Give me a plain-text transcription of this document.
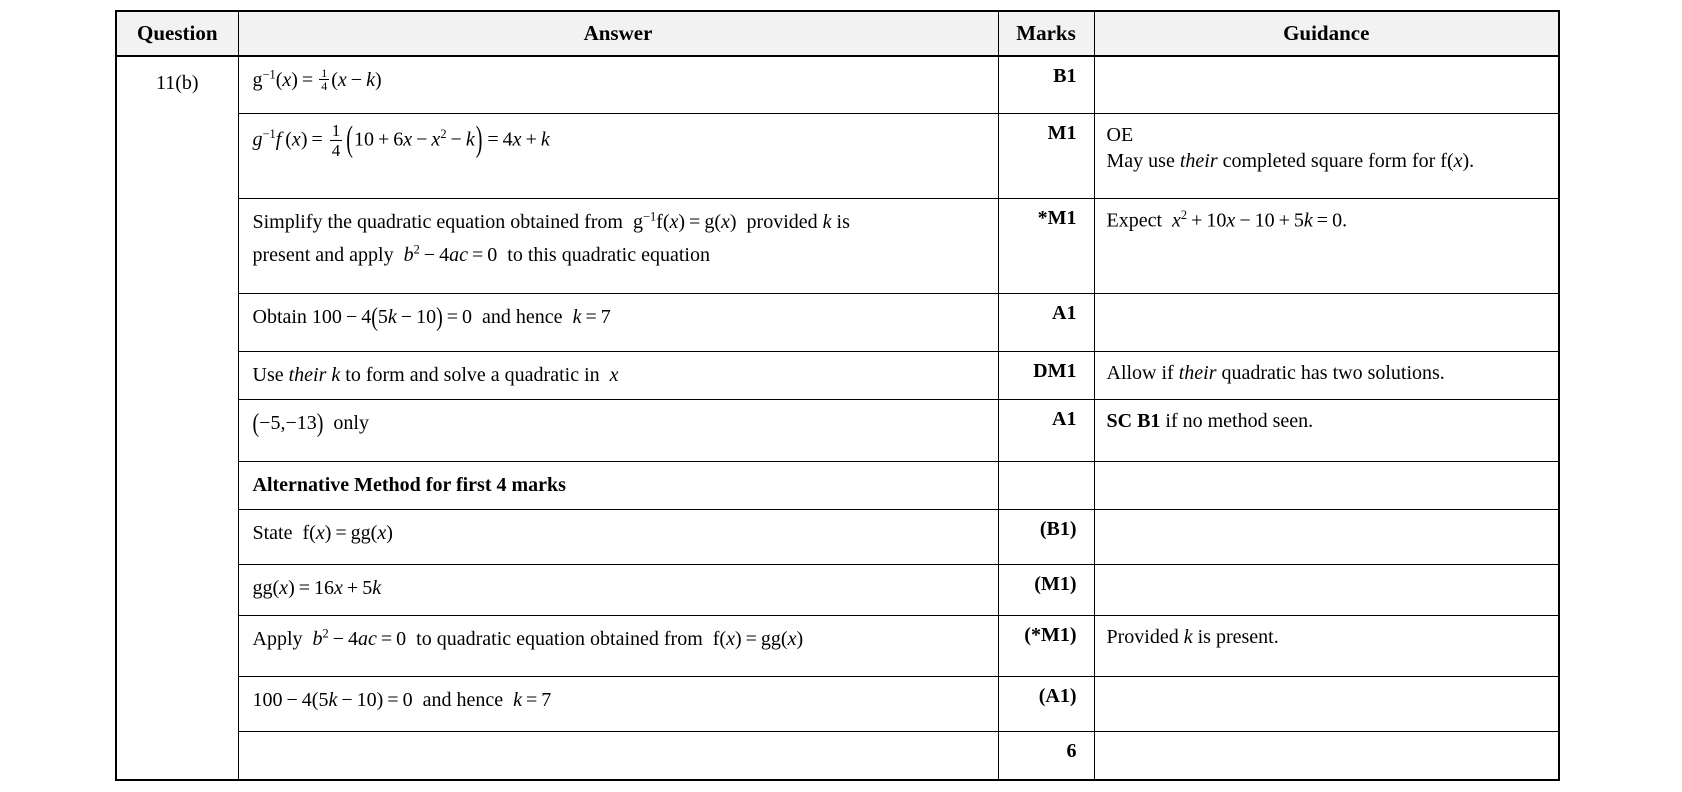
Question	Answer	Marks	Guidance
11(b)	$g^{-1}(x) = \frac{1}{4} (x - k)$	B1	
	$g^{-1}f$ $(x) = \frac{1}{4} (10 + 6x - x^2 - k) = 4x + k$	M1	OE
May use their completed square form for f(x).
	Simplify the quadratic equation obtained from  $g^{-1}f(x) = g(x)$  provided k is
present and apply  $b^2 - 4ac = 0$  to this quadratic equation	*M1	Expect  $x^2 + 10x - 10 + 5k = 0$.
	Obtain 100 − 4(5k − 10) = 0  and hence  k = 7	A1	
	Use their k to form and solve a quadratic in  x	DM1	Allow if their quadratic has two solutions.
	(−5,−13)  only	A1	SC B1 if no method seen.
	Alternative Method for first 4 marks		
	State  f(x) = gg(x)	(B1)	
	gg(x) = 16x + 5k	(M1)	
	Apply  $b^2 - 4ac = 0$  to quadratic equation obtained from  f(x) = gg(x)	(*M1)	Provided k is present.
	100 − 4(5k − 10) = 0  and hence  k = 7	(A1)	
		6	
